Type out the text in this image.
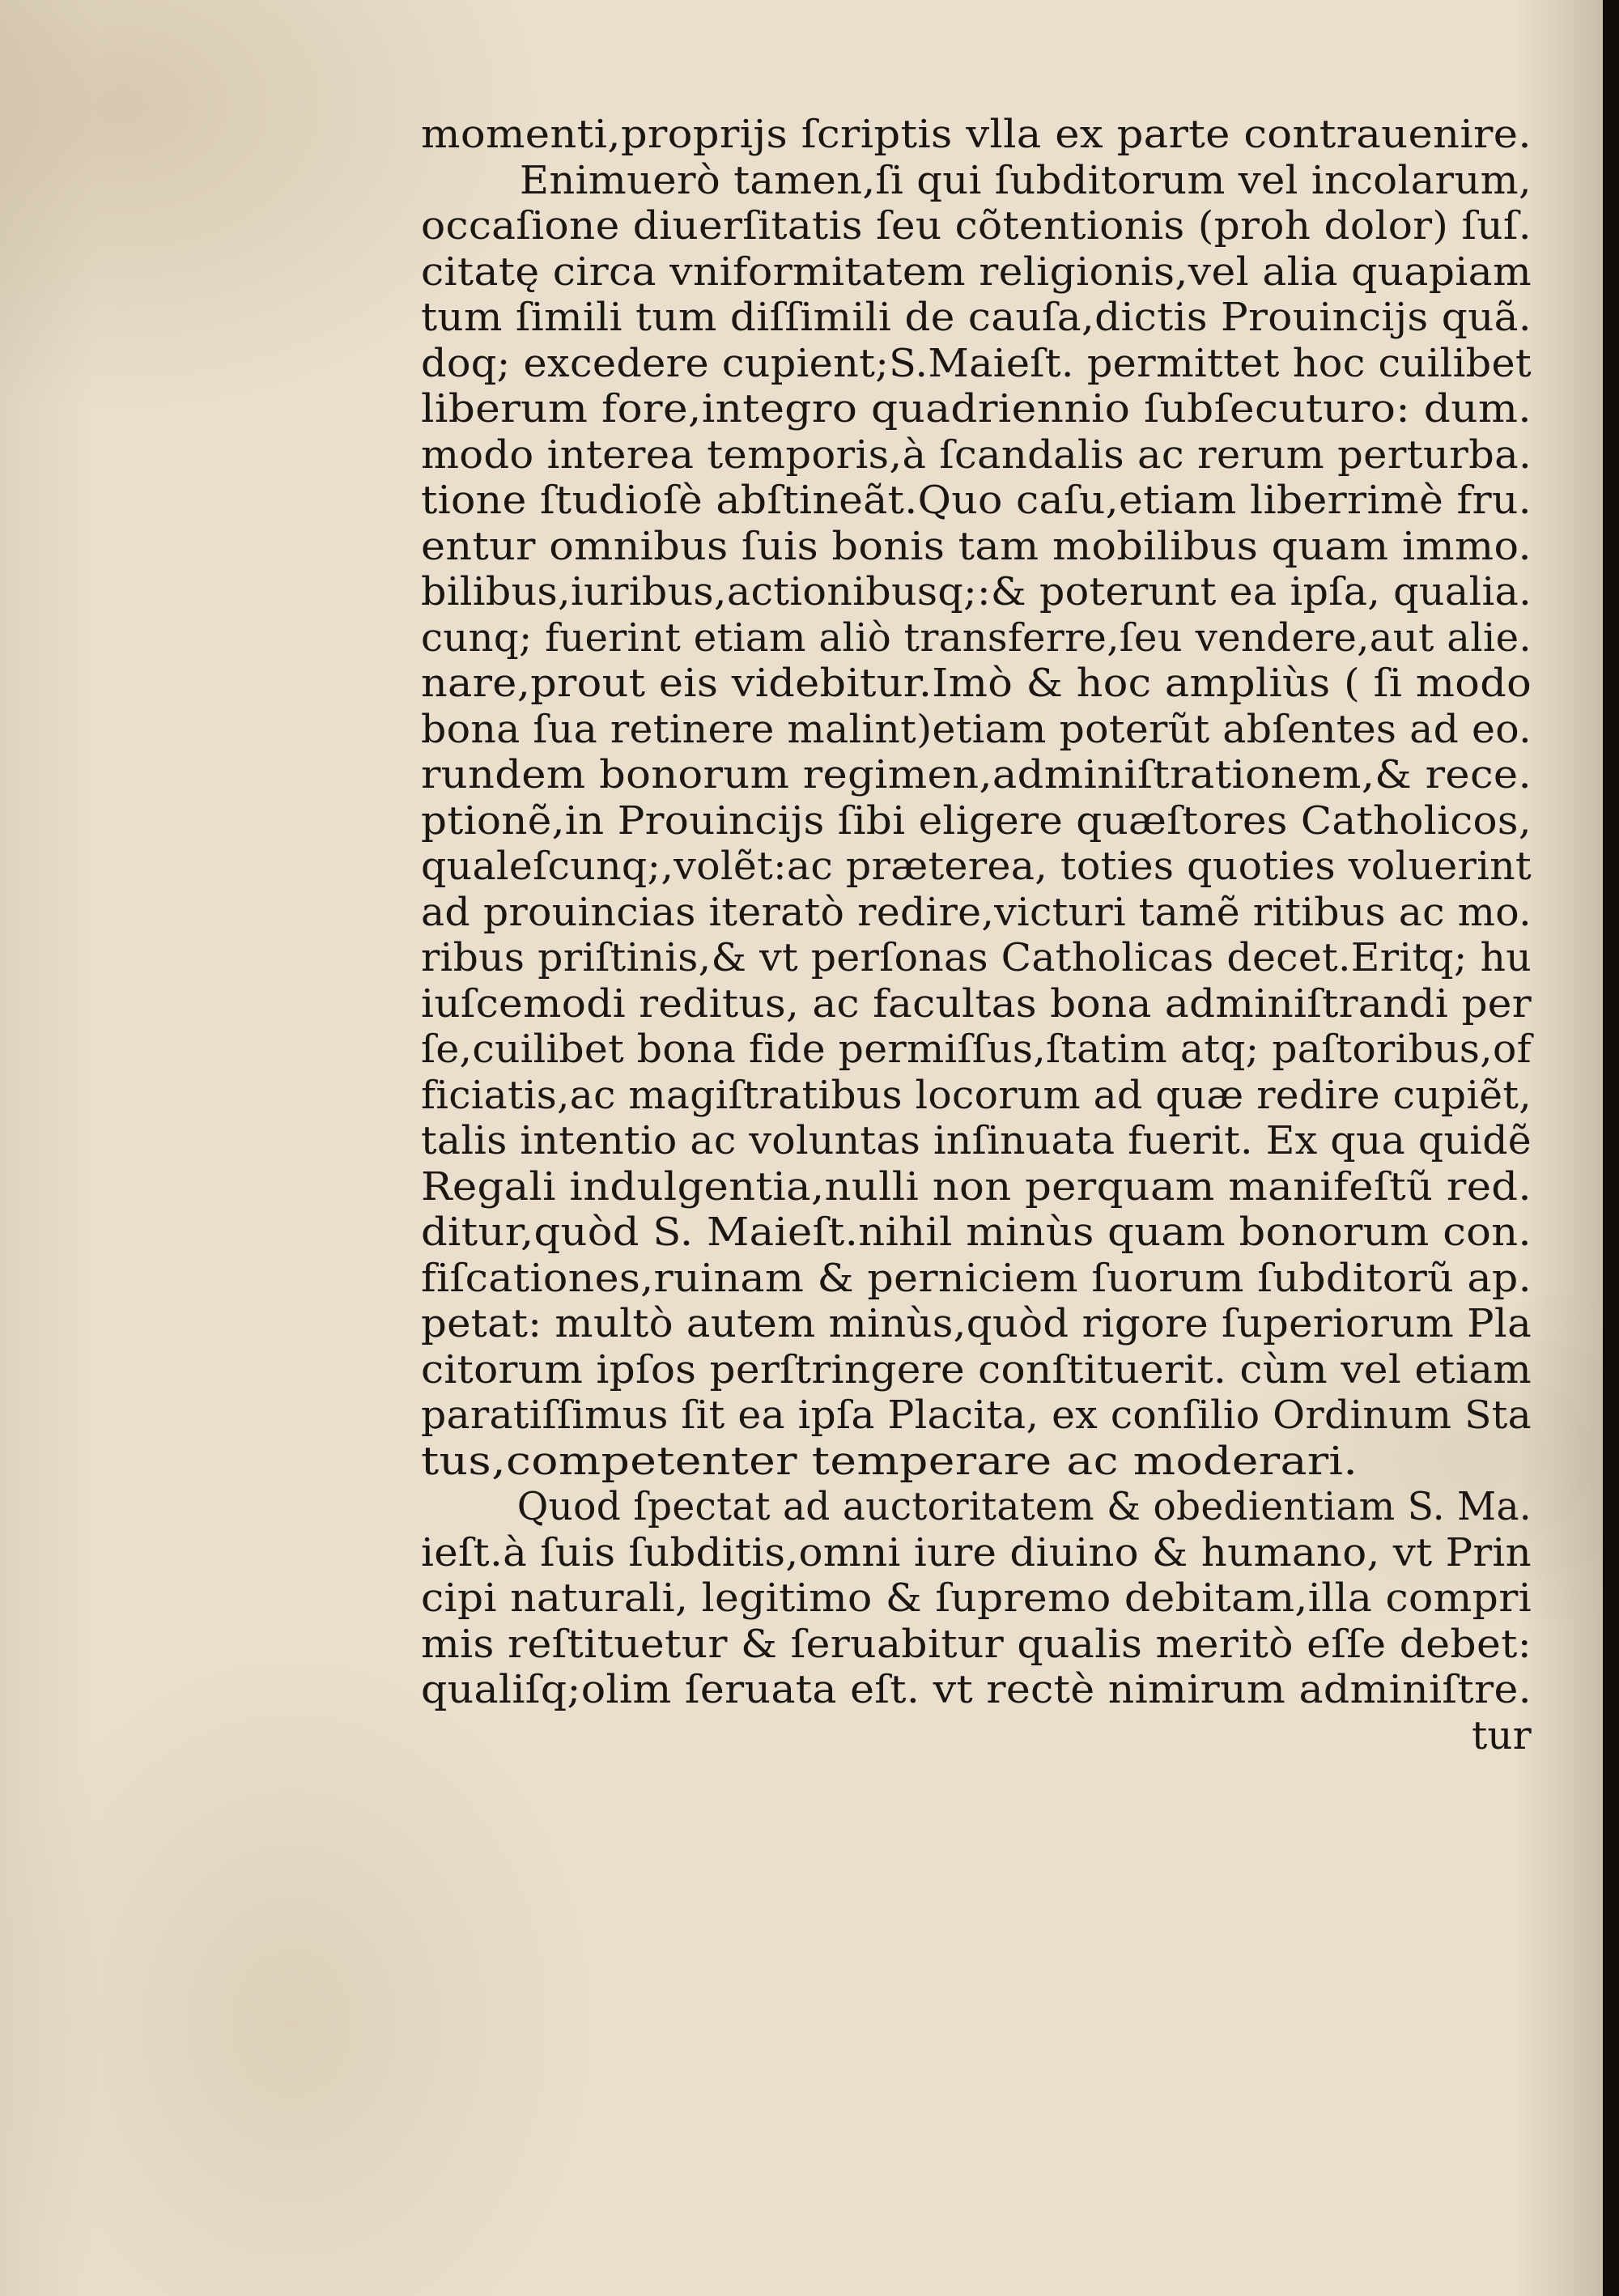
momenti,proprijs ſcriptis vlla ex parte contrauenire.
Enimuerò tamen,ſi qui ſubditorum vel incolarum,
occaſione diuerſitatis ſeu cõtentionis (proh dolor) ſuſ.
citatę circa vniformitatem religionis,vel alia quapiam
tum ſimili tum diſſimili de cauſa,dictis Prouincijs quã.
doq; excedere cupient;S.Maieſt. permittet hoc cuilibet
liberum fore,integro quadriennio ſubſecuturo: dum.
modo interea temporis,à ſcandalis ac rerum perturba.
tione ſtudioſè abſtineãt.Quo caſu,etiam liberrimè fru.
entur omnibus ſuis bonis tam mobilibus quam immo.
bilibus,iuribus,actionibusq;:& poterunt ea ipſa, qualia.
cunq; fuerint etiam aliò transferre,ſeu vendere,aut alie.
nare,prout eis videbitur.Imò & hoc ampliùs ( ſi modo
bona ſua retinere malint)etiam poterũt abſentes ad eo.
rundem bonorum regimen,adminiſtrationem,& rece.
ptionẽ,in Prouincijs ſibi eligere quæſtores Catholicos,
qualeſcunq;,volẽt:ac præterea, toties quoties voluerint
ad prouincias iteratò redire,victuri tamẽ ritibus ac mo.
ribus priſtinis,& vt perſonas Catholicas decet.Eritq; hu
iuſcemodi reditus, ac facultas bona adminiſtrandi per
ſe,cuilibet bona fide permiſſus,ſtatim atq; paſtoribus,of
ficiatis,ac magiſtratibus locorum ad quæ redire cupiẽt,
talis intentio ac voluntas inſinuata fuerit. Ex qua quidẽ
Regali indulgentia,nulli non perquam manifeſtũ red.
ditur,quòd S. Maieſt.nihil minùs quam bonorum con.
fiſcationes,ruinam & perniciem ſuorum ſubditorũ ap.
petat: multò autem minùs,quòd rigore ſuperiorum Pla
citorum ipſos perſtringere conſtituerit. cùm vel etiam
paratiſſimus ſit ea ipſa Placita, ex conſilio Ordinum Sta
tus,competenter temperare ac moderari.
Quod ſpectat ad auctoritatem & obedientiam S. Ma.
ieſt.à ſuis ſubditis,omni iure diuino & humano, vt Prin
cipi naturali, legitimo & ſupremo debitam,illa compri
mis reſtituetur & ſeruabitur qualis meritò eſſe debet:
qualiſq;olim ſeruata eſt. vt rectè nimirum adminiſtre.
tur
